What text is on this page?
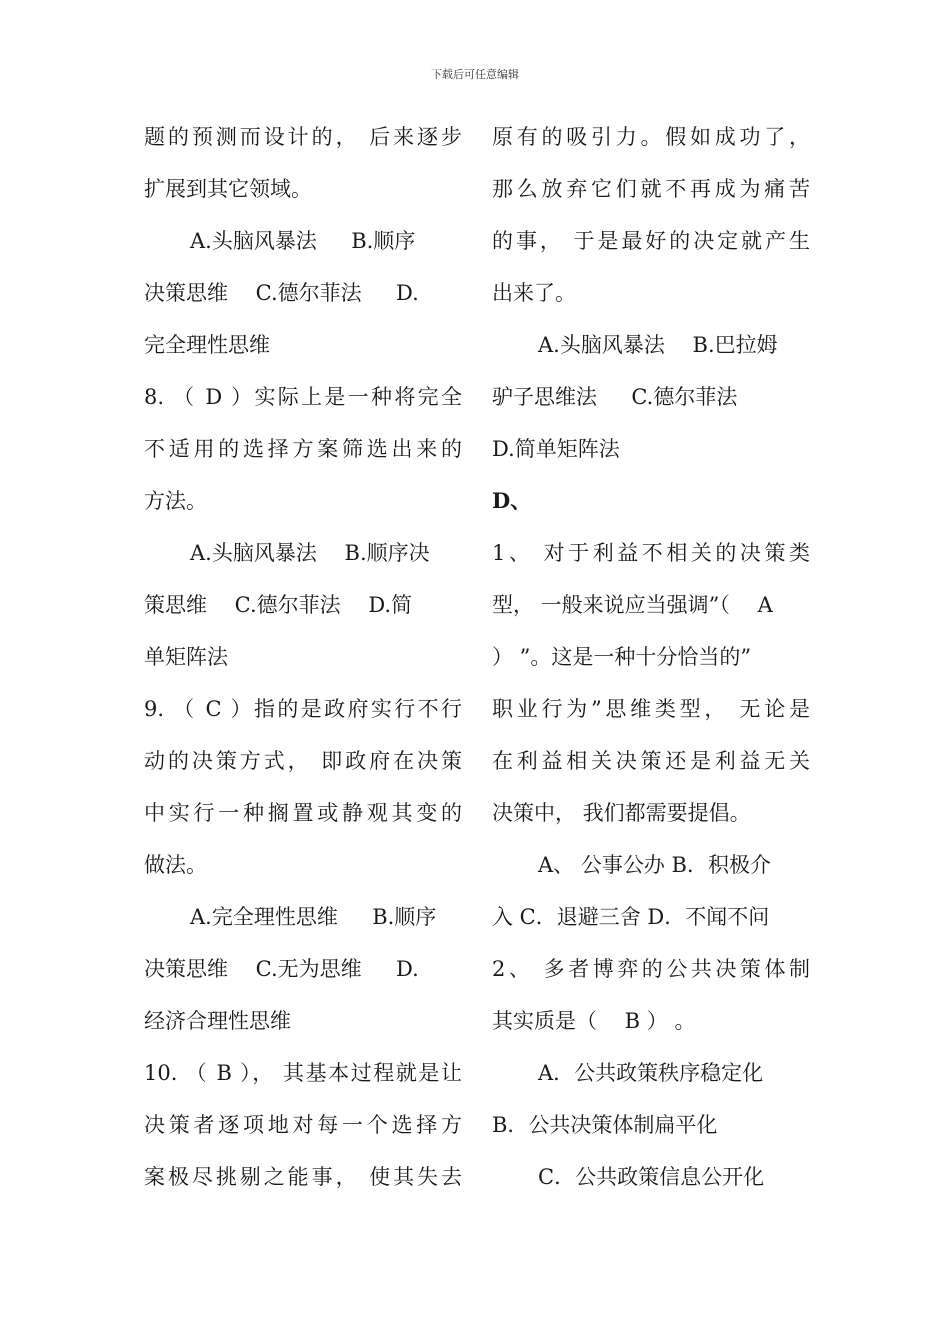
下载后可任意编辑
题的预测而设计的， 后来逐步
扩展到其它领域。
A.头脑风暴法 　 B.顺序
决策思维 　C.德尔菲法 　 D.
完全理性思维
8. （ D ）实际上是一种将完全
不适用的选择方案筛选出来的
方法。
A.头脑风暴法 　B.顺序决
策思维 　C.德尔菲法 　D.简
单矩阵法
9. （ C ）指的是政府实行不行
动的决策方式， 即政府在决策
中实行一种搁置或静观其变的
做法。
A.完全理性思维 　 B.顺序
决策思维 　C.无为思维 　 D.
经济合理性思维
10. （ B ）， 其基本过程就是让
决策者逐项地对每一个选择方
案极尽挑剔之能事， 使其失去
原有的吸引力。假如成功了，
那么放弃它们就不再成为痛苦
的事， 于是最好的决定就产生
出来了。
A.头脑风暴法 　B.巴拉姆
驴子思维法 　 C.德尔菲法
D.简单矩阵法
D、
1、 对于利益不相关的决策类
型， 一般来说应当强调”（ 　A
） ”。这是一种十分恰当的”
职业行为”思维类型， 无论是
在利益相关决策还是利益无关
决策中， 我们都需要提倡。
A、 公事公办 B．积极介
入 C．退避三舍 D．不闻不问
2、 多者博弈的公共决策体制
其实质是（ 　B ） 。
A．公共政策秩序稳定化
B．公共决策体制扁平化
C．公共政策信息公开化
